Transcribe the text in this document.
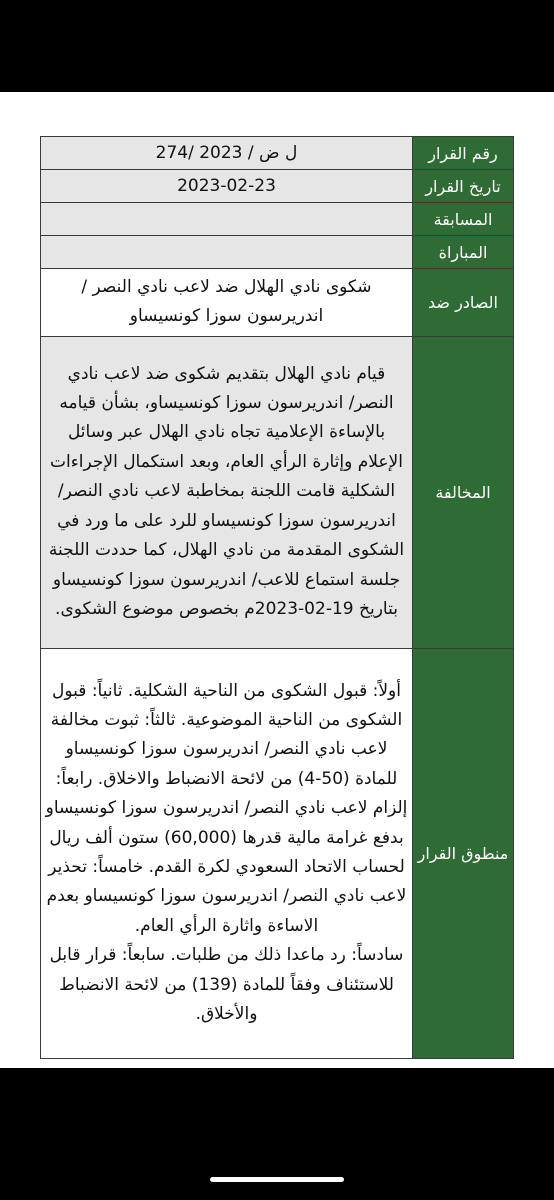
رقم القرار	274/ ل ض / 2023
تاريخ القرار	2023-02-23
المسابقة	
المباراة	
الصادر ضد	شكوى نادي الهلال ضد لاعب نادي النصر / اندريرسون سوزا كونسيساو

المخالفة	قيام نادي الهلال بتقديم شكوى ضد لاعب نادي النصر/ اندريرسون سوزا كونسيساو، بشأن قيامه بالإساءة الإعلامية تجاه نادي الهلال عبر وسائل الإعلام وإثارة الرأي العام، وبعد استكمال الإجراءات الشكلية قامت اللجنة بمخاطبة لاعب نادي النصر/ اندريرسون سوزا كونسيساو للرد على ما ورد في الشكوى المقدمة من نادي الهلال، كما حددت اللجنة جلسة استماع للاعب/ اندريرسون سوزا كونسيساو بتاريخ 19-02-2023م بخصوص موضوع الشكوى.

منطوق القرار	أولاً: قبول الشكوى من الناحية الشكلية. ثانياً: قبول الشكوى من الناحية الموضوعية. ثالثاً: ثبوت مخالفة لاعب نادي النصر/ اندريرسون سوزا كونسيساو للمادة (50-4) من لائحة الانضباط والاخلاق. رابعاً: إلزام لاعب نادي النصر/ اندريرسون سوزا كونسيساو بدفع غرامة مالية قدرها (60,000) ستون ألف ريال لحساب الاتحاد السعودي لكرة القدم. خامساً: تحذير لاعب نادي النصر/ اندريرسون سوزا كونسيساو بعدم الاساءة واثارة الرأي العام.
سادساً: رد ماعدا ذلك من طلبات. سابعاً: قرار قابل للاستئناف وفقاً للمادة (139) من لائحة الانضباط والأخلاق.
